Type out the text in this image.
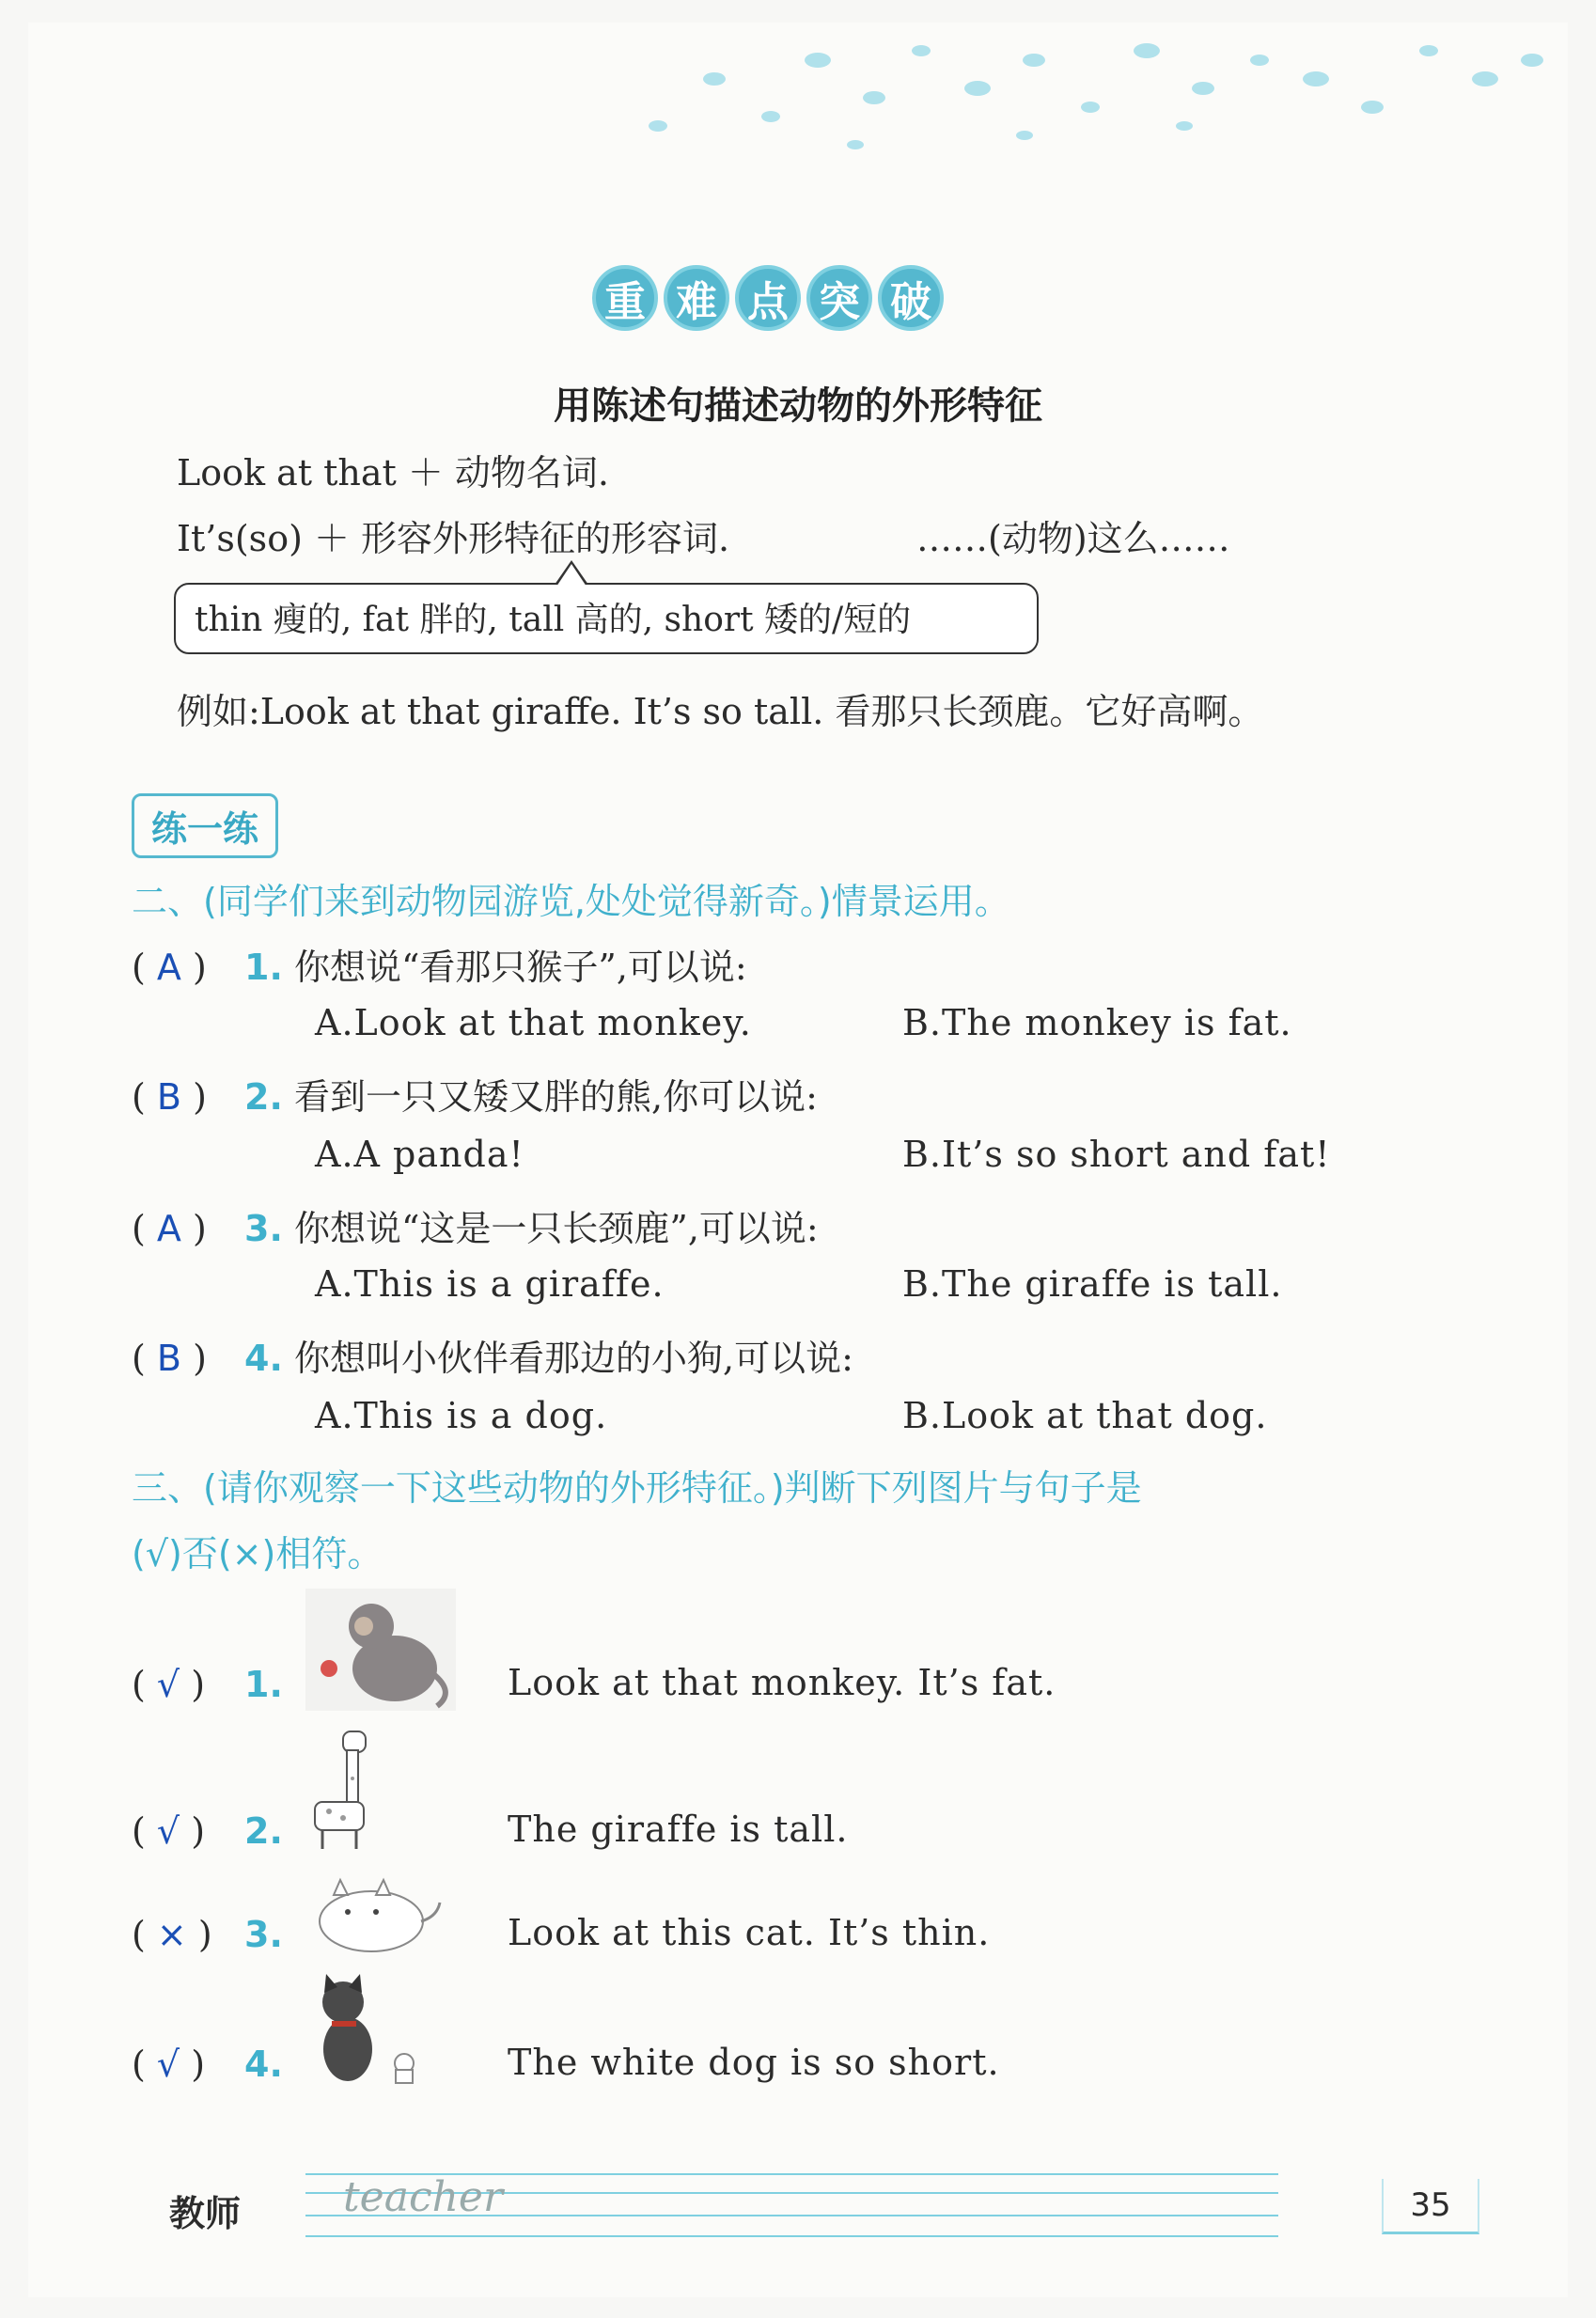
重 难 点 突 破
用陈述句描述动物的外形特征
Look at that ＋ 动物名词.
It’s(so) ＋ 形容外形特征的形容词.	……(动物)这么……
thin 瘦的, fat 胖的, tall 高的, short 矮的/短的
例如:Look at that giraffe. It’s so tall. 看那只长颈鹿。它好高啊。
练一练
二、(同学们来到动物园游览,处处觉得新奇。)情景运用。
( A ) 1. 你想说“看那只猴子”,可以说:
A.Look at that monkey.	B.The monkey is fat.
( B ) 2. 看到一只又矮又胖的熊,你可以说:
A.A panda!	B.It’s so short and fat!
( A ) 3. 你想说“这是一只长颈鹿”,可以说:
A.This is a giraffe.	B.The giraffe is tall.
( B ) 4. 你想叫小伙伴看那边的小狗,可以说:
A.This is a dog.	B.Look at that dog.
三、(请你观察一下这些动物的外形特征。)判断下列图片与句子是
(√)否(×)相符。
( √ ) 1.	Look at that monkey. It’s fat.
( √ ) 2.	The giraffe is tall.
( × ) 3.	Look at this cat. It’s thin.
( √ ) 4.	The white dog is so short.
教师 teacher	35
